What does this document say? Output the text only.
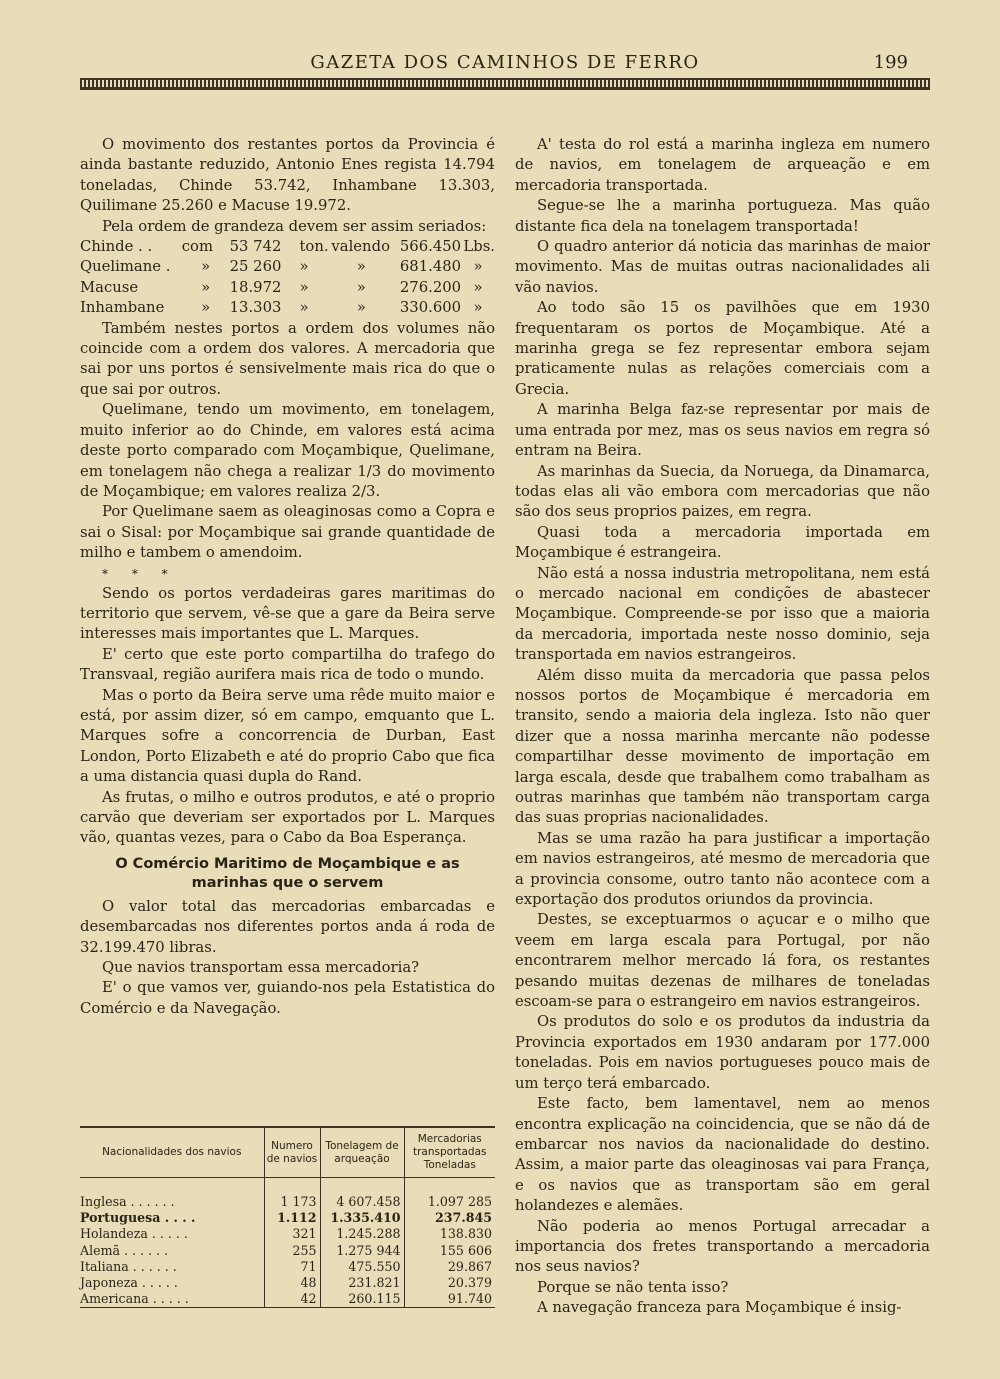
GAZETA DOS CAMINHOS DE FERRO	199

O movimento dos restantes portos da Provincia é ainda bastante reduzido, Antonio Enes regista 14.794 toneladas, Chinde 53.742, Inhambane 13.303, Quilimane 25.260 e Macuse 19.972.

Pela ordem de grandeza devem ser assim seriados:

Chinde . .	com	53 742	ton. valendo 566.450 Lbs.
Quelimane .	»	25 260	»	»	681.480 »
Macuse	»	18.972	»	»	276.200 »
Inhambane	»	13.303	»	»	330.600 »

Também nestes portos a ordem dos volumes não coincide com a ordem dos valores. A mercadoria que sai por uns portos é sensivelmente mais rica do que o que sai por outros.

Quelimane, tendo um movimento, em tonelagem, muito inferior ao do Chinde, em valores está acima deste porto comparado com Moçambique, Quelimane, em tonelagem não chega a realizar 1/3 do movimento de Moçambique; em valores realiza 2/3.

Por Quelimane saem as oleaginosas como a Copra e sai o Sisal: por Moçambique sai grande quantidade de milho e tambem o amendoim.

* * *

Sendo os portos verdadeiras gares maritimas do territorio que servem, vê-se que a gare da Beira serve interesses mais importantes que L. Marques.

E' certo que este porto compartilha do trafego do Transvaal, região aurifera mais rica de todo o mundo.

Mas o porto da Beira serve uma rêde muito maior e está, por assim dizer, só em campo, emquanto que L. Marques sofre a concorrencia de Durban, East London, Porto Elizabeth e até do proprio Cabo que fica a uma distancia quasi dupla do Rand.

As frutas, o milho e outros produtos, e até o proprio carvão que deveriam ser exportados por L. Marques vão, quantas vezes, para o Cabo da Boa Esperança.

O Comércio Maritimo de Moçambique e as
marinhas que o servem

O valor total das mercadorias embarcadas e desembarcadas nos diferentes portos anda á roda de 32.199.470 libras.

Que navios transportam essa mercadoria?

E' o que vamos ver, guiando-nos pela Estatistica do Comércio e da Navegação.

Nacionalidades dos navios	Numero de navios	Tonelagem de arqueação	Mercadorias transportadas Toneladas

Inglesa . . . . . .	1 173	4 607.458	1.097 285
Portuguesa . . . .	1.112	1.335.410	237.845
Holandeza . . . . .	321	1.245.288	138.830
Alemã . . . . . .	255	1.275 944	155 606
Italiana . . . . . .	71	475.550	29.867
Japoneza . . . . .	48	231.821	20.379
Americana . . . . .	42	260.115	91.740

A' testa do rol está a marinha ingleza em numero de navios, em tonelagem de arqueação e em mercadoria transportada.

Segue-se lhe a marinha portugueza. Mas quão distante fica dela na tonelagem transportada!

O quadro anterior dá noticia das marinhas de maior movimento. Mas de muitas outras nacionalidades ali vão navios.

Ao todo são 15 os pavilhões que em 1930 frequentaram os portos de Moçambique. Até a marinha grega se fez representar embora sejam praticamente nulas as relações comerciais com a Grecia.

A marinha Belga faz-se representar por mais de uma entrada por mez, mas os seus navios em regra só entram na Beira.

As marinhas da Suecia, da Noruega, da Dinamarca, todas elas ali vão embora com mercadorias que não são dos seus proprios paizes, em regra.

Quasi toda a mercadoria importada em Moçambique é estrangeira.

Não está a nossa industria metropolitana, nem está o mercado nacional em condições de abastecer Moçambique. Compreende-se por isso que a maioria da mercadoria, importada neste nosso dominio, seja transportada em navios estrangeiros.

Além disso muita da mercadoria que passa pelos nossos portos de Moçambique é mercadoria em transito, sendo a maioria dela ingleza. Isto não quer dizer que a nossa marinha mercante não podesse compartilhar desse movimento de importação em larga escala, desde que trabalhem como trabalham as outras marinhas que também não transportam carga das suas proprias nacionalidades.

Mas se uma razão ha para justificar a importação em navios estrangeiros, até mesmo de mercadoria que a provincia consome, outro tanto não acontece com a exportação dos produtos oriundos da provincia.

Destes, se exceptuarmos o açucar e o milho que veem em larga escala para Portugal, por não encontrarem melhor mercado lá fora, os restantes pesando muitas dezenas de milhares de toneladas escoam-se para o estrangeiro em navios estrangeiros.

Os produtos do solo e os produtos da industria da Provincia exportados em 1930 andaram por 177.000 toneladas. Pois em navios portugueses pouco mais de um terço terá embarcado.

Este facto, bem lamentavel, nem ao menos encontra explicação na coincidencia, que se não dá de embarcar nos navios da nacionalidade do destino. Assim, a maior parte das oleaginosas vai para França, e os navios que as transportam são em geral holandezes e alemães.

Não poderia ao menos Portugal arrecadar a importancia dos fretes transportando a mercadoria nos seus navios?

Porque se não tenta isso?

A navegação franceza para Moçambique é insig-
